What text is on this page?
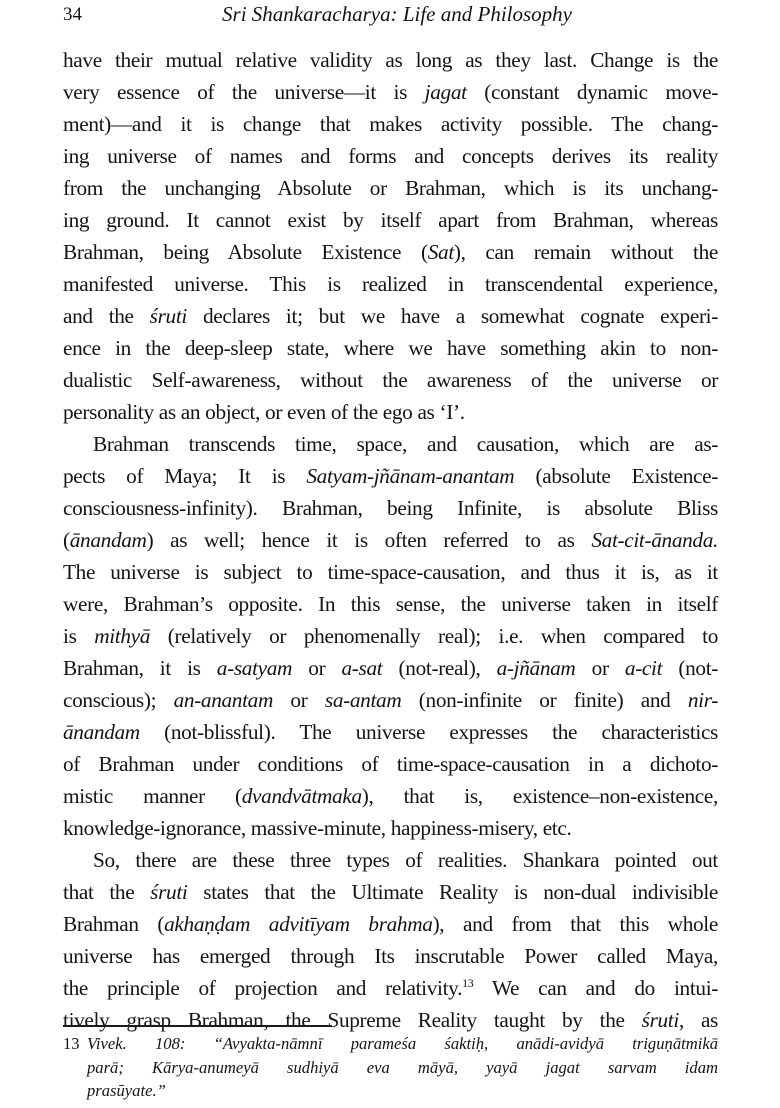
34	Sri Shankaracharya: Life and Philosophy
have their mutual relative validity as long as they last. Change is the
very essence of the universe—it is jagat (constant dynamic move-
ment)—and it is change that makes activity possible. The chang-
ing universe of names and forms and concepts derives its reality
from the unchanging Absolute or Brahman, which is its unchang-
ing ground. It cannot exist by itself apart from Brahman, whereas
Brahman, being Absolute Existence (Sat), can remain without the
manifested universe. This is realized in transcendental experience,
and the śruti declares it; but we have a somewhat cognate experi-
ence in the deep-sleep state, where we have something akin to non-
dualistic Self-awareness, without the awareness of the universe or
personality as an object, or even of the ego as ‘I’.
Brahman transcends time, space, and causation, which are as-
pects of Maya; It is Satyam-jñānam-anantam (absolute Existence-
consciousness-infinity). Brahman, being Infinite, is absolute Bliss
(ānandam) as well; hence it is often referred to as Sat-cit-ānanda.
The universe is subject to time-space-causation, and thus it is, as it
were, Brahman’s opposite. In this sense, the universe taken in itself
is mithyā (relatively or phenomenally real); i.e. when compared to
Brahman, it is a-satyam or a-sat (not-real), a-jñānam or a-cit (not-
conscious); an-anantam or sa-antam (non-infinite or finite) and nir-
ānandam (not-blissful). The universe expresses the characteristics
of Brahman under conditions of time-space-causation in a dichoto-
mistic manner (dvandvātmaka), that is, existence–non-existence,
knowledge-ignorance, massive-minute, happiness-misery, etc.
So, there are these three types of realities. Shankara pointed out
that the śruti states that the Ultimate Reality is non-dual indivisible
Brahman (akhaṇḍam advitīyam brahma), and from that this whole
universe has emerged through Its inscrutable Power called Maya,
the principle of projection and relativity.$^{13}$ We can and do intui-
tively grasp Brahman, the Supreme Reality taught by the śruti, as
13 Vivek. 108: “Avyakta-nāmnī parameśa śaktiḥ, anādi-avidyā triguṇātmikā
parā; Kārya-anumeyā sudhiyā eva māyā, yayā jagat sarvam idam
prasūyate.”
